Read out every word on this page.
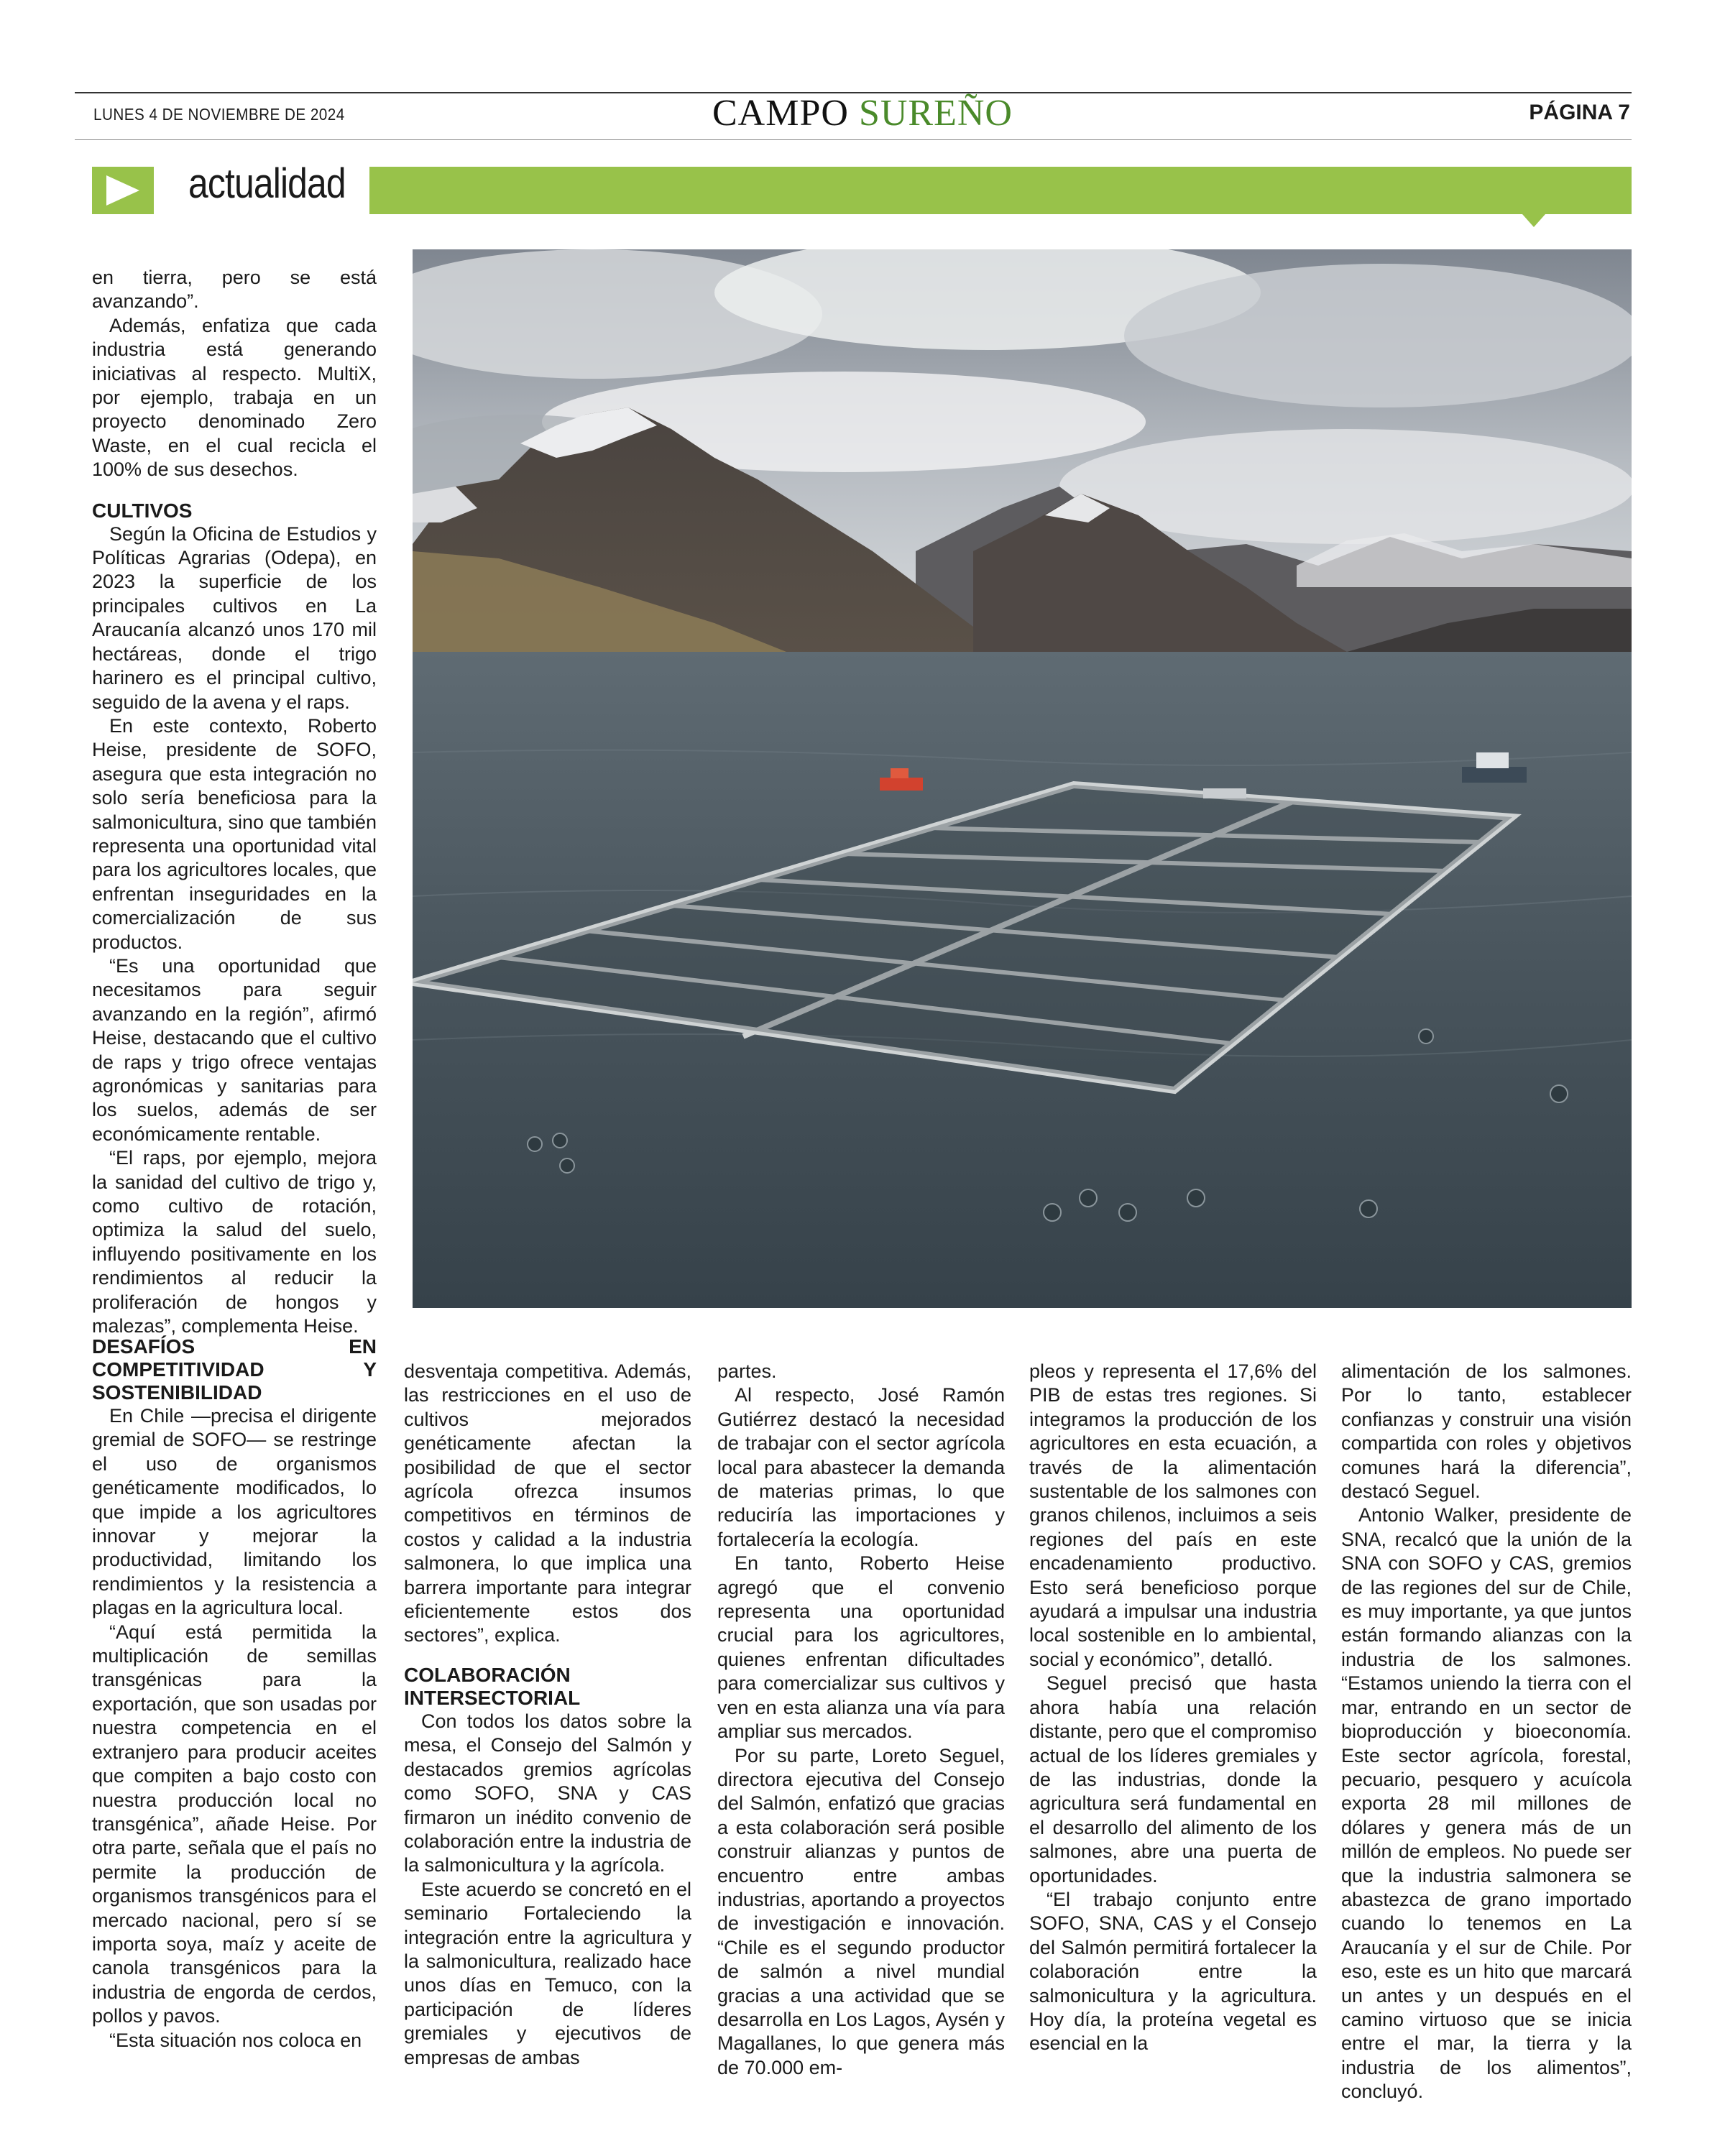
LUNES 4 DE NOVIEMBRE DE 2024	CAMPO SUREÑO	PÁGINA 7
actualidad

en tierra, pero se está avanzando”.

Además, enfatiza que cada industria está generando iniciativas al respecto. MultiX, por ejemplo, trabaja en un proyecto denominado Zero Waste, en el cual recicla el 100% de sus desechos.

CULTIVOS

Según la Oficina de Estudios y Políticas Agrarias (Odepa), en 2023 la superficie de los principales cultivos en La Araucanía alcanzó unos 170 mil hectáreas, donde el trigo harinero es el principal cultivo, seguido de la avena y el raps.

En este contexto, Roberto Heise, presidente de SOFO, asegura que esta integración no solo sería beneficiosa para la salmonicultura, sino que también representa una oportunidad vital para los agricultores locales, que enfrentan inseguridades en la comercialización de sus productos.

“Es una oportunidad que necesitamos para seguir avanzando en la región”, afirmó Heise, destacando que el cultivo de raps y trigo ofrece ventajas agronómicas y sanitarias para los suelos, además de ser económicamente rentable.

“El raps, por ejemplo, mejora la sanidad del cultivo de trigo y, como cultivo de rotación, optimiza la salud del suelo, influyendo positivamente en los rendimientos al reducir la proliferación de hongos y malezas”, complementa Heise.

DESAFÍOS EN COMPETITIVIDAD Y SOSTENIBILIDAD

En Chile —precisa el dirigente gremial de SOFO— se restringe el uso de organismos genéticamente modificados, lo que impide a los agricultores innovar y mejorar la productividad, limitando los rendimientos y la resistencia a plagas en la agricultura local.

“Aquí está permitida la multiplicación de semillas transgénicas para la exportación, que son usadas por nuestra competencia en el extranjero para producir aceites que compiten a bajo costo con nuestra producción local no transgénica”, añade Heise. Por otra parte, señala que el país no permite la producción de organismos transgénicos para el mercado nacional, pero sí se importa soya, maíz y aceite de canola transgénicos para la industria de engorda de cerdos, pollos y pavos.

“Esta situación nos coloca en

desventaja competitiva. Además, las restricciones en el uso de cultivos mejorados genéticamente afectan la posibilidad de que el sector agrícola ofrezca insumos competitivos en términos de costos y calidad a la industria salmonera, lo que implica una barrera importante para integrar eficientemente estos dos sectores”, explica.

COLABORACIÓN INTERSECTORIAL

Con todos los datos sobre la mesa, el Consejo del Salmón y destacados gremios agrícolas como SOFO, SNA y CAS firmaron un inédito convenio de colaboración entre la industria de la salmonicultura y la agrícola.

Este acuerdo se concretó en el seminario Fortaleciendo la integración entre la agricultura y la salmonicultura, realizado hace unos días en Temuco, con la participación de líderes gremiales y ejecutivos de empresas de ambas

partes.

Al respecto, José Ramón Gutiérrez destacó la necesidad de trabajar con el sector agrícola local para abastecer la demanda de materias primas, lo que reduciría las importaciones y fortalecería la ecología.

En tanto, Roberto Heise agregó que el convenio representa una oportunidad crucial para los agricultores, quienes enfrentan dificultades para comercializar sus cultivos y ven en esta alianza una vía para ampliar sus mercados.

Por su parte, Loreto Seguel, directora ejecutiva del Consejo del Salmón, enfatizó que gracias a esta colaboración será posible construir alianzas y puntos de encuentro entre ambas industrias, aportando a proyectos de investigación e innovación. “Chile es el segundo productor de salmón a nivel mundial gracias a una actividad que se desarrolla en Los Lagos, Aysén y Magallanes, lo que genera más de 70.000 em-

pleos y representa el 17,6% del PIB de estas tres regiones. Si integramos la producción de los agricultores en esta ecuación, a través de la alimentación sustentable de los salmones con granos chilenos, incluimos a seis regiones del país en este encadenamiento productivo. Esto será beneficioso porque ayudará a impulsar una industria local sostenible en lo ambiental, social y económico”, detalló.

Seguel precisó que hasta ahora había una relación distante, pero que el compromiso actual de los líderes gremiales y de las industrias, donde la agricultura será fundamental en el desarrollo del alimento de los salmones, abre una puerta de oportunidades.

“El trabajo conjunto entre SOFO, SNA, CAS y el Consejo del Salmón permitirá fortalecer la colaboración entre la salmonicultura y la agricultura. Hoy día, la proteína vegetal es esencial en la

alimentación de los salmones. Por lo tanto, establecer confianzas y construir una visión compartida con roles y objetivos comunes hará la diferencia”, destacó Seguel.

Antonio Walker, presidente de SNA, recalcó que la unión de la SNA con SOFO y CAS, gremios de las regiones del sur de Chile, es muy importante, ya que juntos están formando alianzas con la industria de los salmones. “Estamos uniendo la tierra con el mar, entrando en un sector de bioproducción y bioeconomía. Este sector agrícola, forestal, pecuario, pesquero y acuícola exporta 28 mil millones de dólares y genera más de un millón de empleos. No puede ser que la industria salmonera se abastezca de grano importado cuando lo tenemos en La Araucanía y el sur de Chile. Por eso, este es un hito que marcará un antes y un después en el camino virtuoso que se inicia entre el mar, la tierra y la industria de los alimentos”, concluyó.
